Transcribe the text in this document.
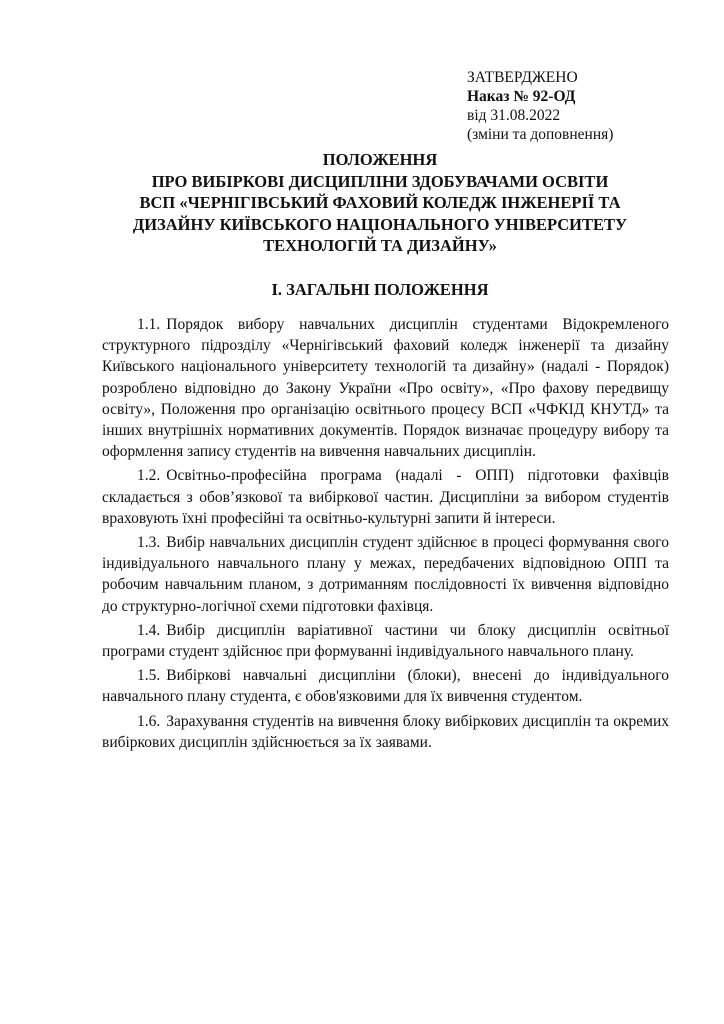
ЗАТВЕРДЖЕНО
Наказ № 92-ОД
від 31.08.2022
(зміни та доповнення)
ПОЛОЖЕННЯ
ПРО ВИБІРКОВІ ДИСЦИПЛІНИ ЗДОБУВАЧАМИ ОСВІТИ
ВСП «ЧЕРНІГІВСЬКИЙ ФАХОВИЙ КОЛЕДЖ ІНЖЕНЕРІЇ ТА
ДИЗАЙНУ КИЇВСЬКОГО НАЦІОНАЛЬНОГО УНІВЕРСИТЕТУ
ТЕХНОЛОГІЙ ТА ДИЗАЙНУ»
I. ЗАГАЛЬНІ ПОЛОЖЕННЯ

1.1. Порядок вибору навчальних дисциплін студентами Відокремленого структурного підрозділу «Чернігівський фаховий коледж інженерії та дизайну Київського національного університету технологій та дизайну» (надалі - Порядок) розроблено відповідно до Закону України «Про освіту», «Про фахову передвищу освіту», Положення про організацію освітнього процесу ВСП «ЧФКІД КНУТД» та інших внутрішніх нормативних документів. Порядок визначає процедуру вибору та оформлення запису студентів на вивчення навчальних дисциплін.

1.2. Освітньо-професійна програма (надалі - ОПП) підготовки фахівців складається з обов’язкової та вибіркової частин. Дисципліни за вибором студентів враховують їхні професійні та освітньо-культурні запити й інтереси.

1.3. Вибір навчальних дисциплін студент здійснює в процесі формування свого індивідуального навчального плану у межах, передбачених відповідною ОПП та робочим навчальним планом, з дотриманням послідовності їх вивчення відповідно до структурно-логічної схеми підготовки фахівця.

1.4. Вибір дисциплін варіативної частини чи блоку дисциплін освітньої програми студент здійснює при формуванні індивідуального навчального плану.

1.5. Вибіркові навчальні дисципліни (блоки), внесені до індивідуального навчального плану студента, є обов'язковими для їх вивчення студентом.

1.6. Зарахування студентів на вивчення блоку вибіркових дисциплін та окремих вибіркових дисциплін здійснюється за їх заявами.
